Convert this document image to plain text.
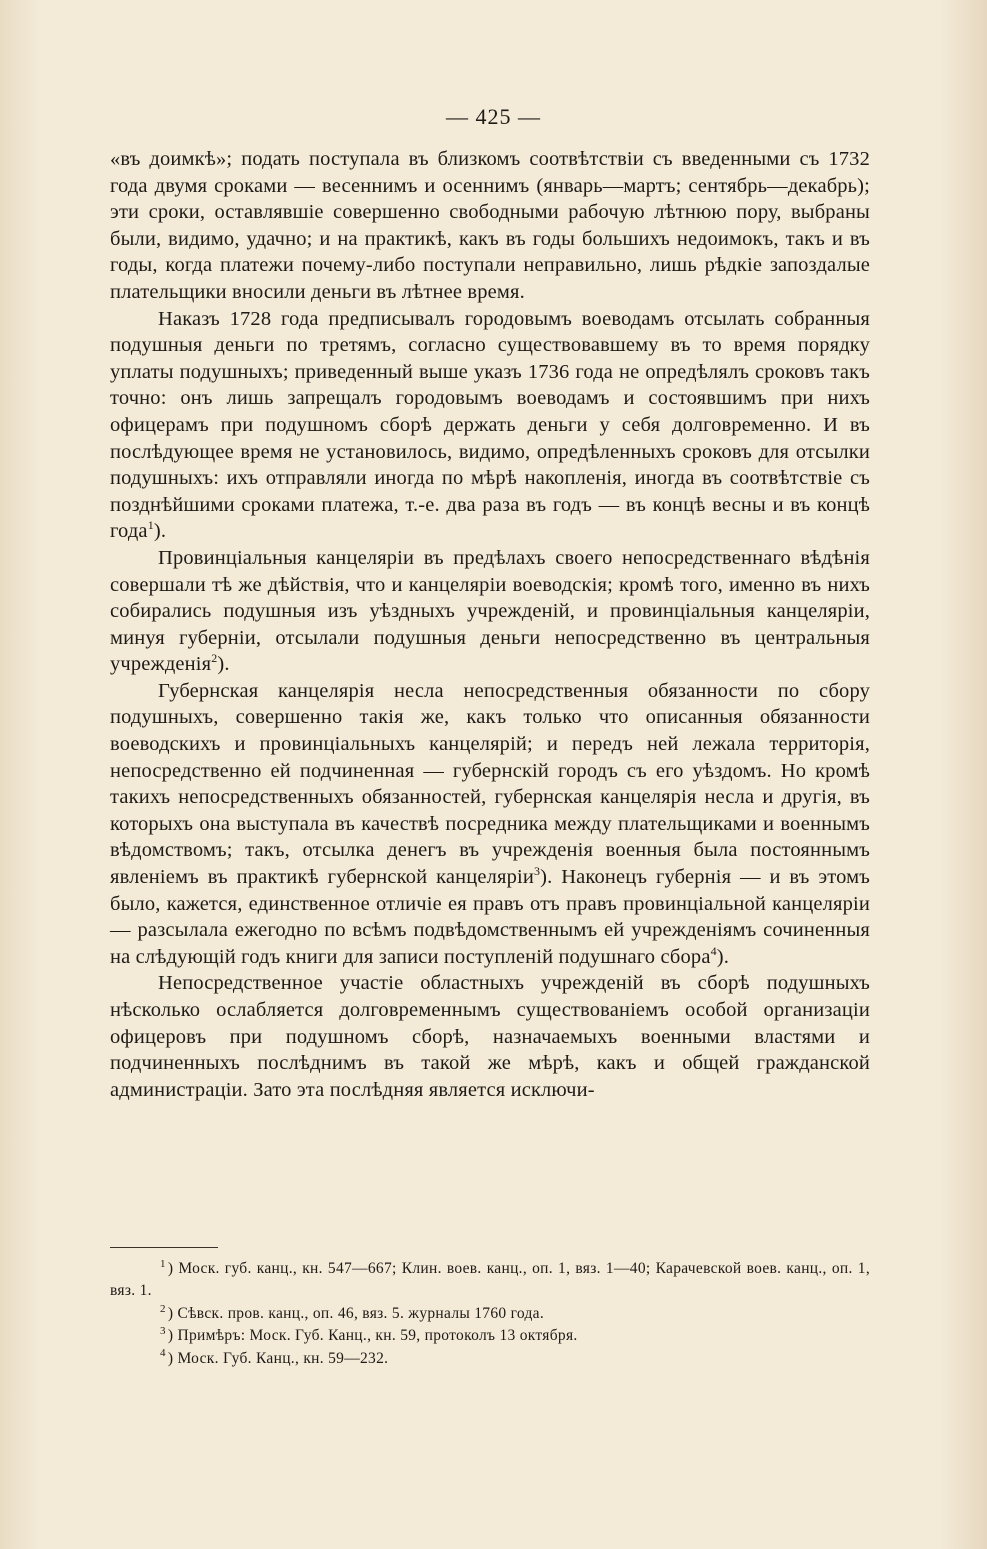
— 425 —

«въ доимкѣ»; подать поступала въ близкомъ соотвѣтствіи съ введенными съ 1732 года двумя сроками — весеннимъ и осеннимъ (январь—мартъ; сентябрь—декабрь); эти сроки, оставлявшіе совершенно свободными рабочую лѣтнюю пору, выбраны были, видимо, удачно; и на практикѣ, какъ въ годы большихъ недоимокъ, такъ и въ годы, когда платежи почему-либо поступали неправильно, лишь рѣдкіе запоздалые плательщики вносили деньги въ лѣтнее время.

Наказъ 1728 года предписывалъ городовымъ воеводамъ отсылать собранныя подушныя деньги по третямъ, согласно существовавшему въ то время порядку уплаты подушныхъ; приведенный выше указъ 1736 года не опредѣлялъ сроковъ такъ точно: онъ лишь запрещалъ городовымъ воеводамъ и состоявшимъ при нихъ офицерамъ при подушномъ сборѣ держать деньги у себя долговременно. И въ послѣдующее время не установилось, видимо, опредѣленныхъ сроковъ для отсылки подушныхъ: ихъ отправляли иногда по мѣрѣ накопленія, иногда въ соотвѣтствіе съ позднѣйшими сроками платежа, т.-е. два раза въ годъ — въ концѣ весны и въ концѣ года$^1$).

Провинціальныя канцеляріи въ предѣлахъ своего непосредственнаго вѣдѣнія совершали тѣ же дѣйствія, что и канцеляріи воеводскія; кромѣ того, именно въ нихъ собирались подушныя изъ уѣздныхъ учрежденій, и провинціальныя канцеляріи, минуя губерніи, отсылали подушныя деньги непосредственно въ центральныя учрежденія$^2$).

Губернская канцелярія несла непосредственныя обязанности по сбору подушныхъ, совершенно такія же, какъ только что описанныя обязанности воеводскихъ и провинціальныхъ канцелярій; и передъ ней лежала территорія, непосредственно ей подчиненная — губернскій городъ съ его уѣздомъ. Но кромѣ такихъ непосредственныхъ обязанностей, губернская канцелярія несла и другія, въ которыхъ она выступала въ качествѣ посредника между плательщиками и военнымъ вѣдомствомъ; такъ, отсылка денегъ въ учрежденія военныя была постояннымъ явленіемъ въ практикѣ губернской канцеляріи$^3$). Наконецъ губернія — и въ этомъ было, кажется, единственное отличіе ея правъ отъ правъ провинціальной канцеляріи — разсылала ежегодно по всѣмъ подвѣдомственнымъ ей учрежденіямъ сочиненныя на слѣдующій годъ книги для записи поступленій подушнаго сбора$^4$).

Непосредственное участіе областныхъ учрежденій въ сборѣ подушныхъ нѣсколько ослабляется долговременнымъ существованіемъ особой организаціи офицеровъ при подушномъ сборѣ, назначаемыхъ военными властями и подчиненныхъ послѣднимъ въ такой же мѣрѣ, какъ и общей гражданской администраціи. Зато эта послѣдняя является исключи-

$^1$ ) Моск. губ. канц., кн. 547—667; Клин. воев. канц., оп. 1, вяз. 1—40; Карачевской воев. канц., оп. 1, вяз. 1.

$^2$ ) Сѣвск. пров. канц., оп. 46, вяз. 5. журналы 1760 года.

$^3$ ) Примѣръ: Моск. Губ. Канц., кн. 59, протоколъ 13 октября.

$^4$ ) Моск. Губ. Канц., кн. 59—232.
